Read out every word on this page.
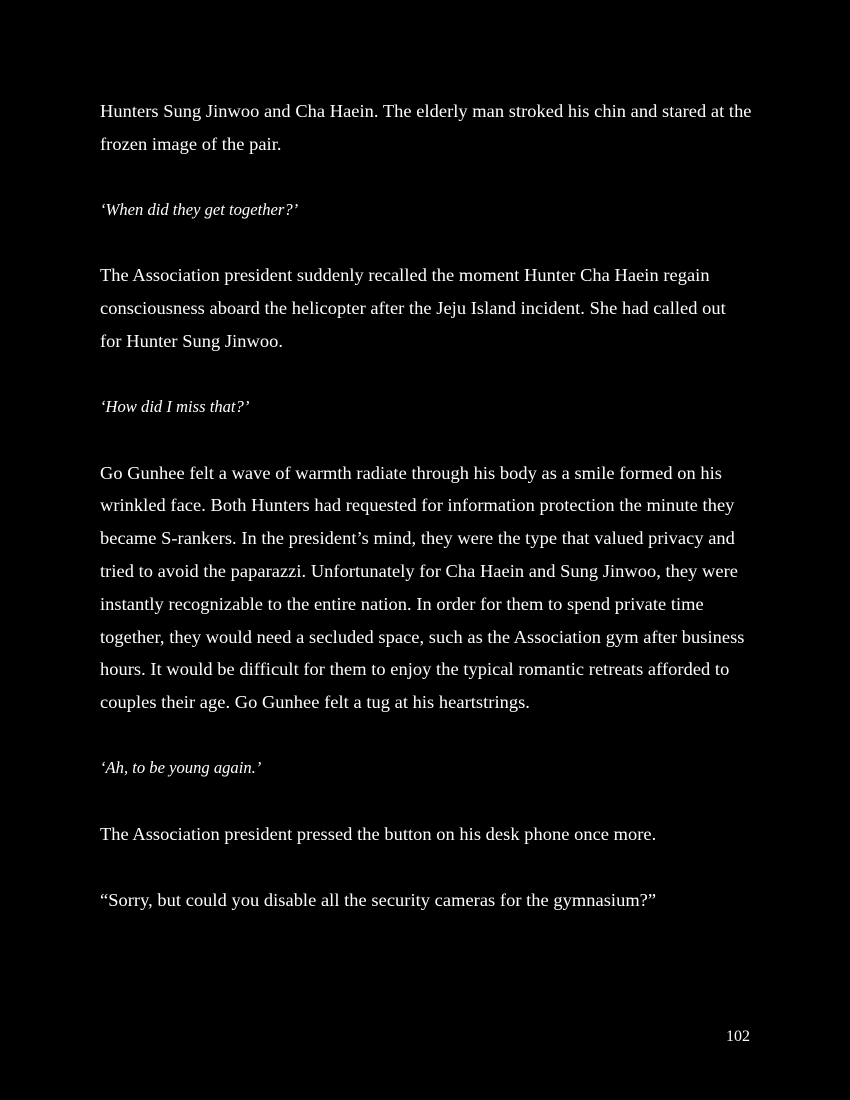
Hunters Sung Jinwoo and Cha Haein. The elderly man stroked his chin and stared at the frozen image of the pair.

‘When did they get together?’

The Association president suddenly recalled the moment Hunter Cha Haein regain consciousness aboard the helicopter after the Jeju Island incident. She had called out for Hunter Sung Jinwoo.

‘How did I miss that?’

Go Gunhee felt a wave of warmth radiate through his body as a smile formed on his wrinkled face. Both Hunters had requested for information protection the minute they became S-rankers. In the president’s mind, they were the type that valued privacy and tried to avoid the paparazzi. Unfortunately for Cha Haein and Sung Jinwoo, they were instantly recognizable to the entire nation. In order for them to spend private time together, they would need a secluded space, such as the Association gym after business hours. It would be difficult for them to enjoy the typical romantic retreats afforded to couples their age. Go Gunhee felt a tug at his heartstrings.

‘Ah, to be young again.’

The Association president pressed the button on his desk phone once more.

“Sorry, but could you disable all the security cameras for the gymnasium?”

102
